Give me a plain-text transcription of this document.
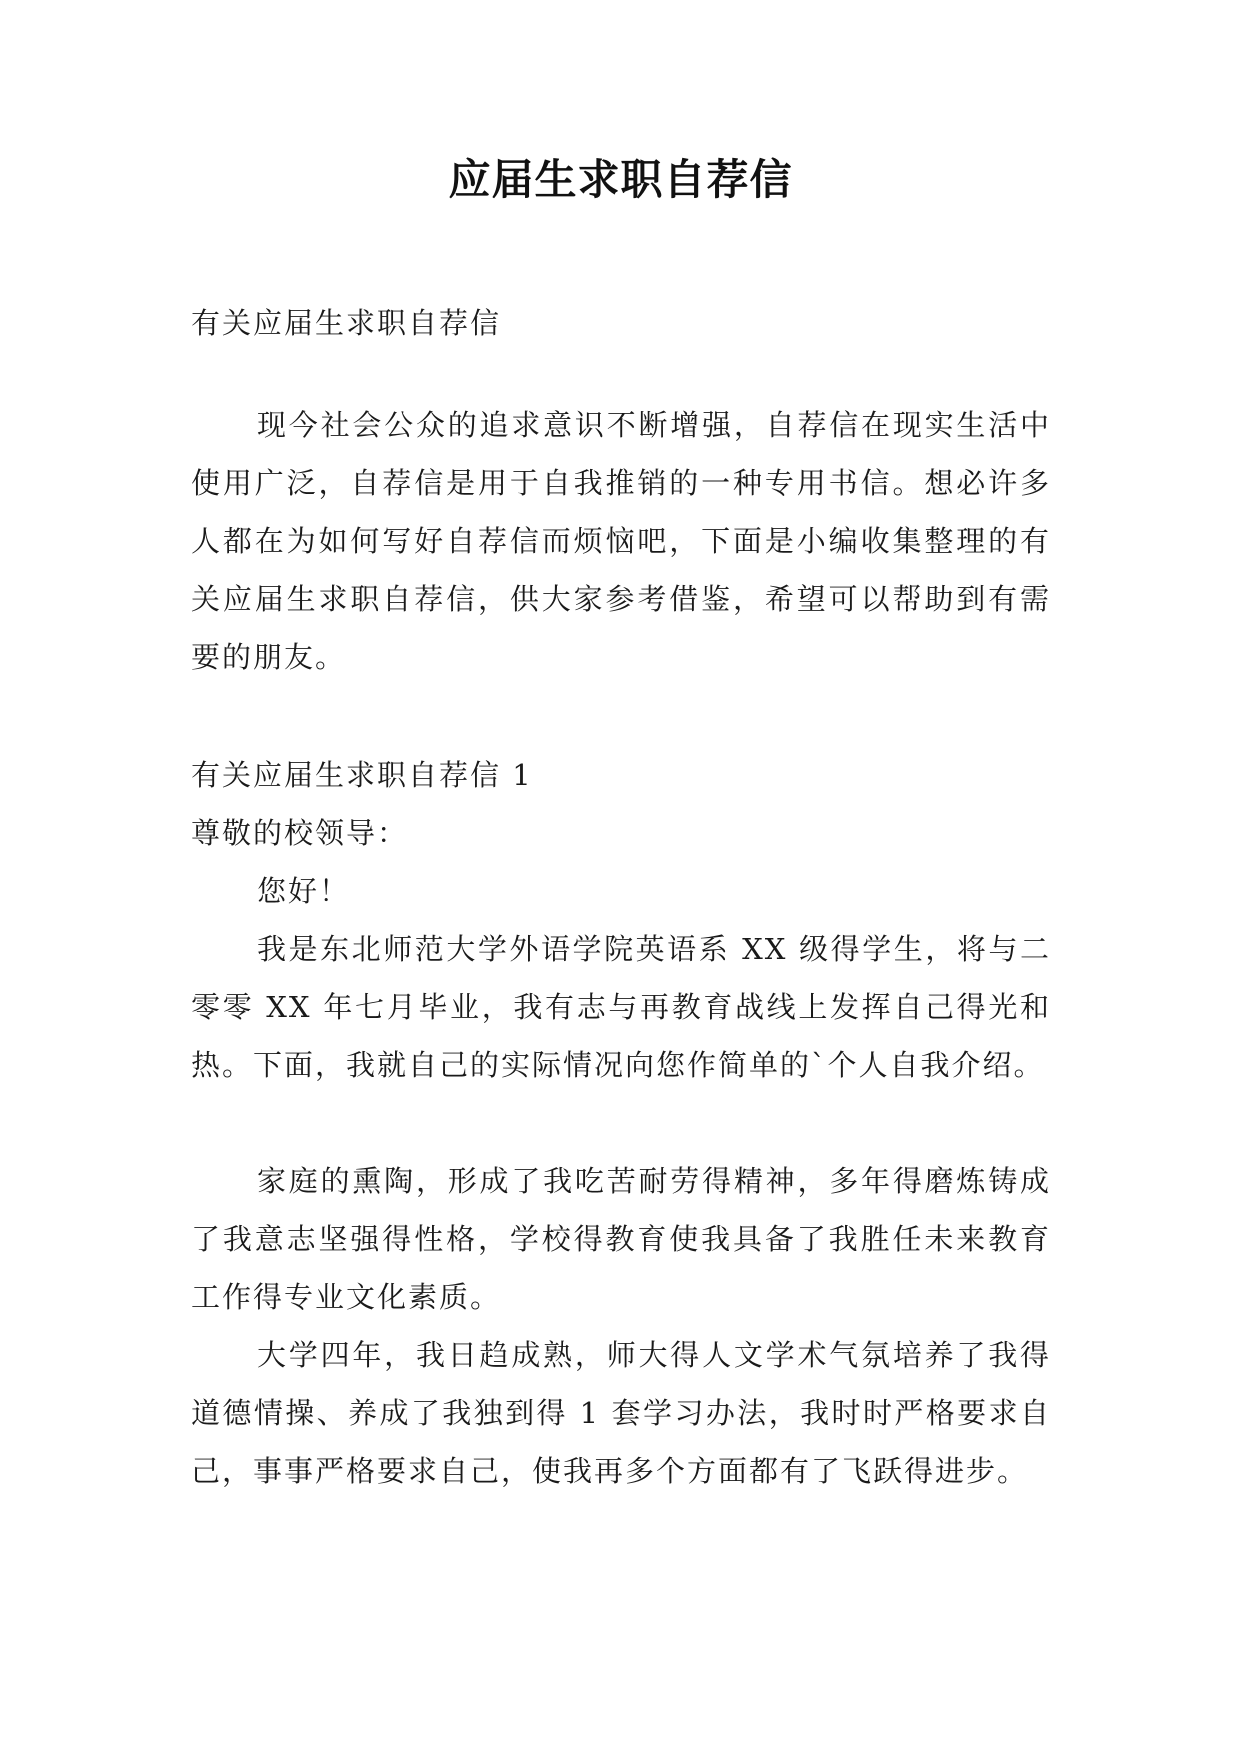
应届生求职自荐信

有关应届生求职自荐信

现今社会公众的追求意识不断增强，自荐信在现实生活中使用广泛，自荐信是用于自我推销的一种专用书信。想必许多人都在为如何写好自荐信而烦恼吧，下面是小编收集整理的有关应届生求职自荐信，供大家参考借鉴，希望可以帮助到有需要的朋友。

有关应届生求职自荐信 1

尊敬的校领导：

您好！

我是东北师范大学外语学院英语系 XX 级得学生，将与二零零 XX 年七月毕业，我有志与再教育战线上发挥自己得光和热。下面，我就自己的实际情况向您作简单的`个人自我介绍。

家庭的熏陶，形成了我吃苦耐劳得精神，多年得磨炼铸成了我意志坚强得性格，学校得教育使我具备了我胜任未来教育工作得专业文化素质。

大学四年，我日趋成熟，师大得人文学术气氛培养了我得道德情操、养成了我独到得 1 套学习办法，我时时严格要求自己，事事严格要求自己，使我再多个方面都有了飞跃得进步。
